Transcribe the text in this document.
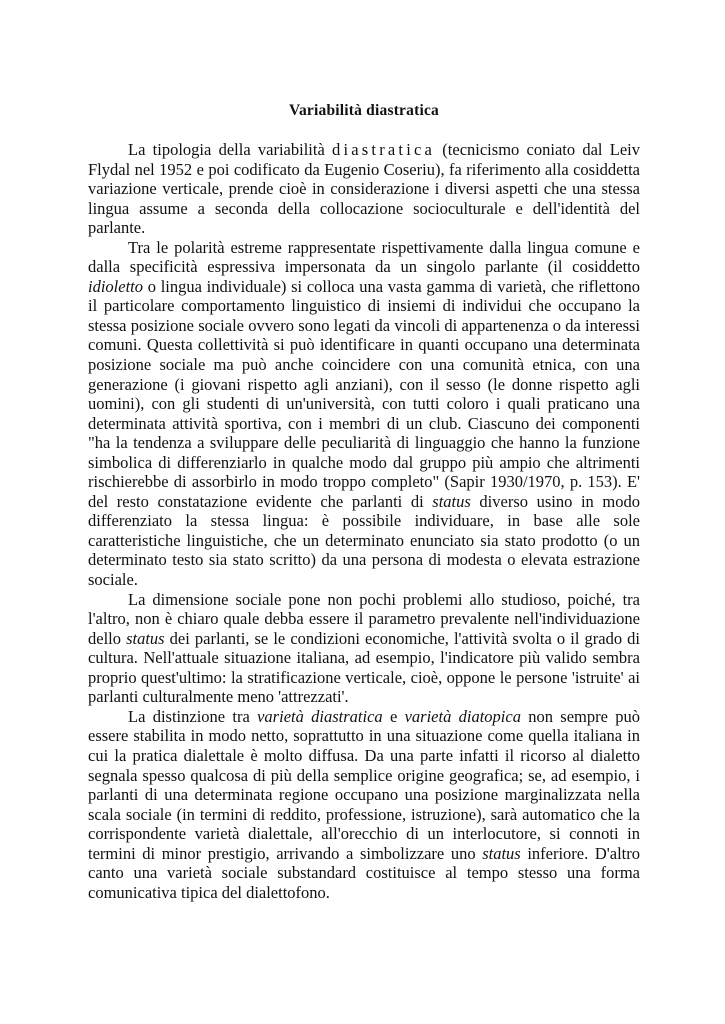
Variabilità diastratica

La tipologia della variabilità diastratica (tecnicismo coniato dal Leiv Flydal nel 1952 e poi codificato da Eugenio Coseriu), fa riferimento alla cosiddetta variazione verticale, prende cioè in considerazione i diversi aspetti che una stessa lingua assume a seconda della collocazione socioculturale e dell'identità del parlante.

Tra le polarità estreme rappresentate rispettivamente dalla lingua comune e dalla specificità espressiva impersonata da un singolo parlante (il cosiddetto idioletto o lingua individuale) si colloca una vasta gamma di varietà, che riflettono il particolare comportamento linguistico di insiemi di individui che occupano la stessa posizione sociale ovvero sono legati da vincoli di appartenenza o da interessi comuni. Questa collettività si può identificare in quanti occupano una determinata posizione sociale ma può anche coincidere con una comunità etnica, con una generazione (i giovani rispetto agli anziani), con il sesso (le donne rispetto agli uomini), con gli studenti di un'università, con tutti coloro i quali praticano una determinata attività sportiva, con i membri di un club. Ciascuno dei componenti "ha la tendenza a sviluppare delle peculiarità di linguaggio che hanno la funzione simbolica di differenziarlo in qualche modo dal gruppo più ampio che altrimenti rischierebbe di assorbirlo in modo troppo completo" (Sapir 1930/1970, p. 153). E' del resto constatazione evidente che parlanti di status diverso usino in modo differenziato la stessa lingua: è possibile individuare, in base alle sole caratteristiche linguistiche, che un determinato enunciato sia stato prodotto (o un determinato testo sia stato scritto) da una persona di modesta o elevata estrazione sociale.

La dimensione sociale pone non pochi problemi allo studioso, poiché, tra l'altro, non è chiaro quale debba essere il parametro prevalente nell'individuazione dello status dei parlanti, se le condizioni economiche, l'attività svolta o il grado di cultura. Nell'attuale situazione italiana, ad esempio, l'indicatore più valido sembra proprio quest'ultimo: la stratificazione verticale, cioè, oppone le persone 'istruite' ai parlanti culturalmente meno 'attrezzati'.

La distinzione tra varietà diastratica e varietà diatopica non sempre può essere stabilita in modo netto, soprattutto in una situazione come quella italiana in cui la pratica dialettale è molto diffusa. Da una parte infatti il ricorso al dialetto segnala spesso qualcosa di più della semplice origine geografica; se, ad esempio, i parlanti di una determinata regione occupano una posizione marginalizzata nella scala sociale (in termini di reddito, professione, istruzione), sarà automatico che la corrispondente varietà dialettale, all'orecchio di un interlocutore, si connoti in termini di minor prestigio, arrivando a simbolizzare uno status inferiore. D'altro canto una varietà sociale substandard costituisce al tempo stesso una forma comunicativa tipica del dialettofono.
